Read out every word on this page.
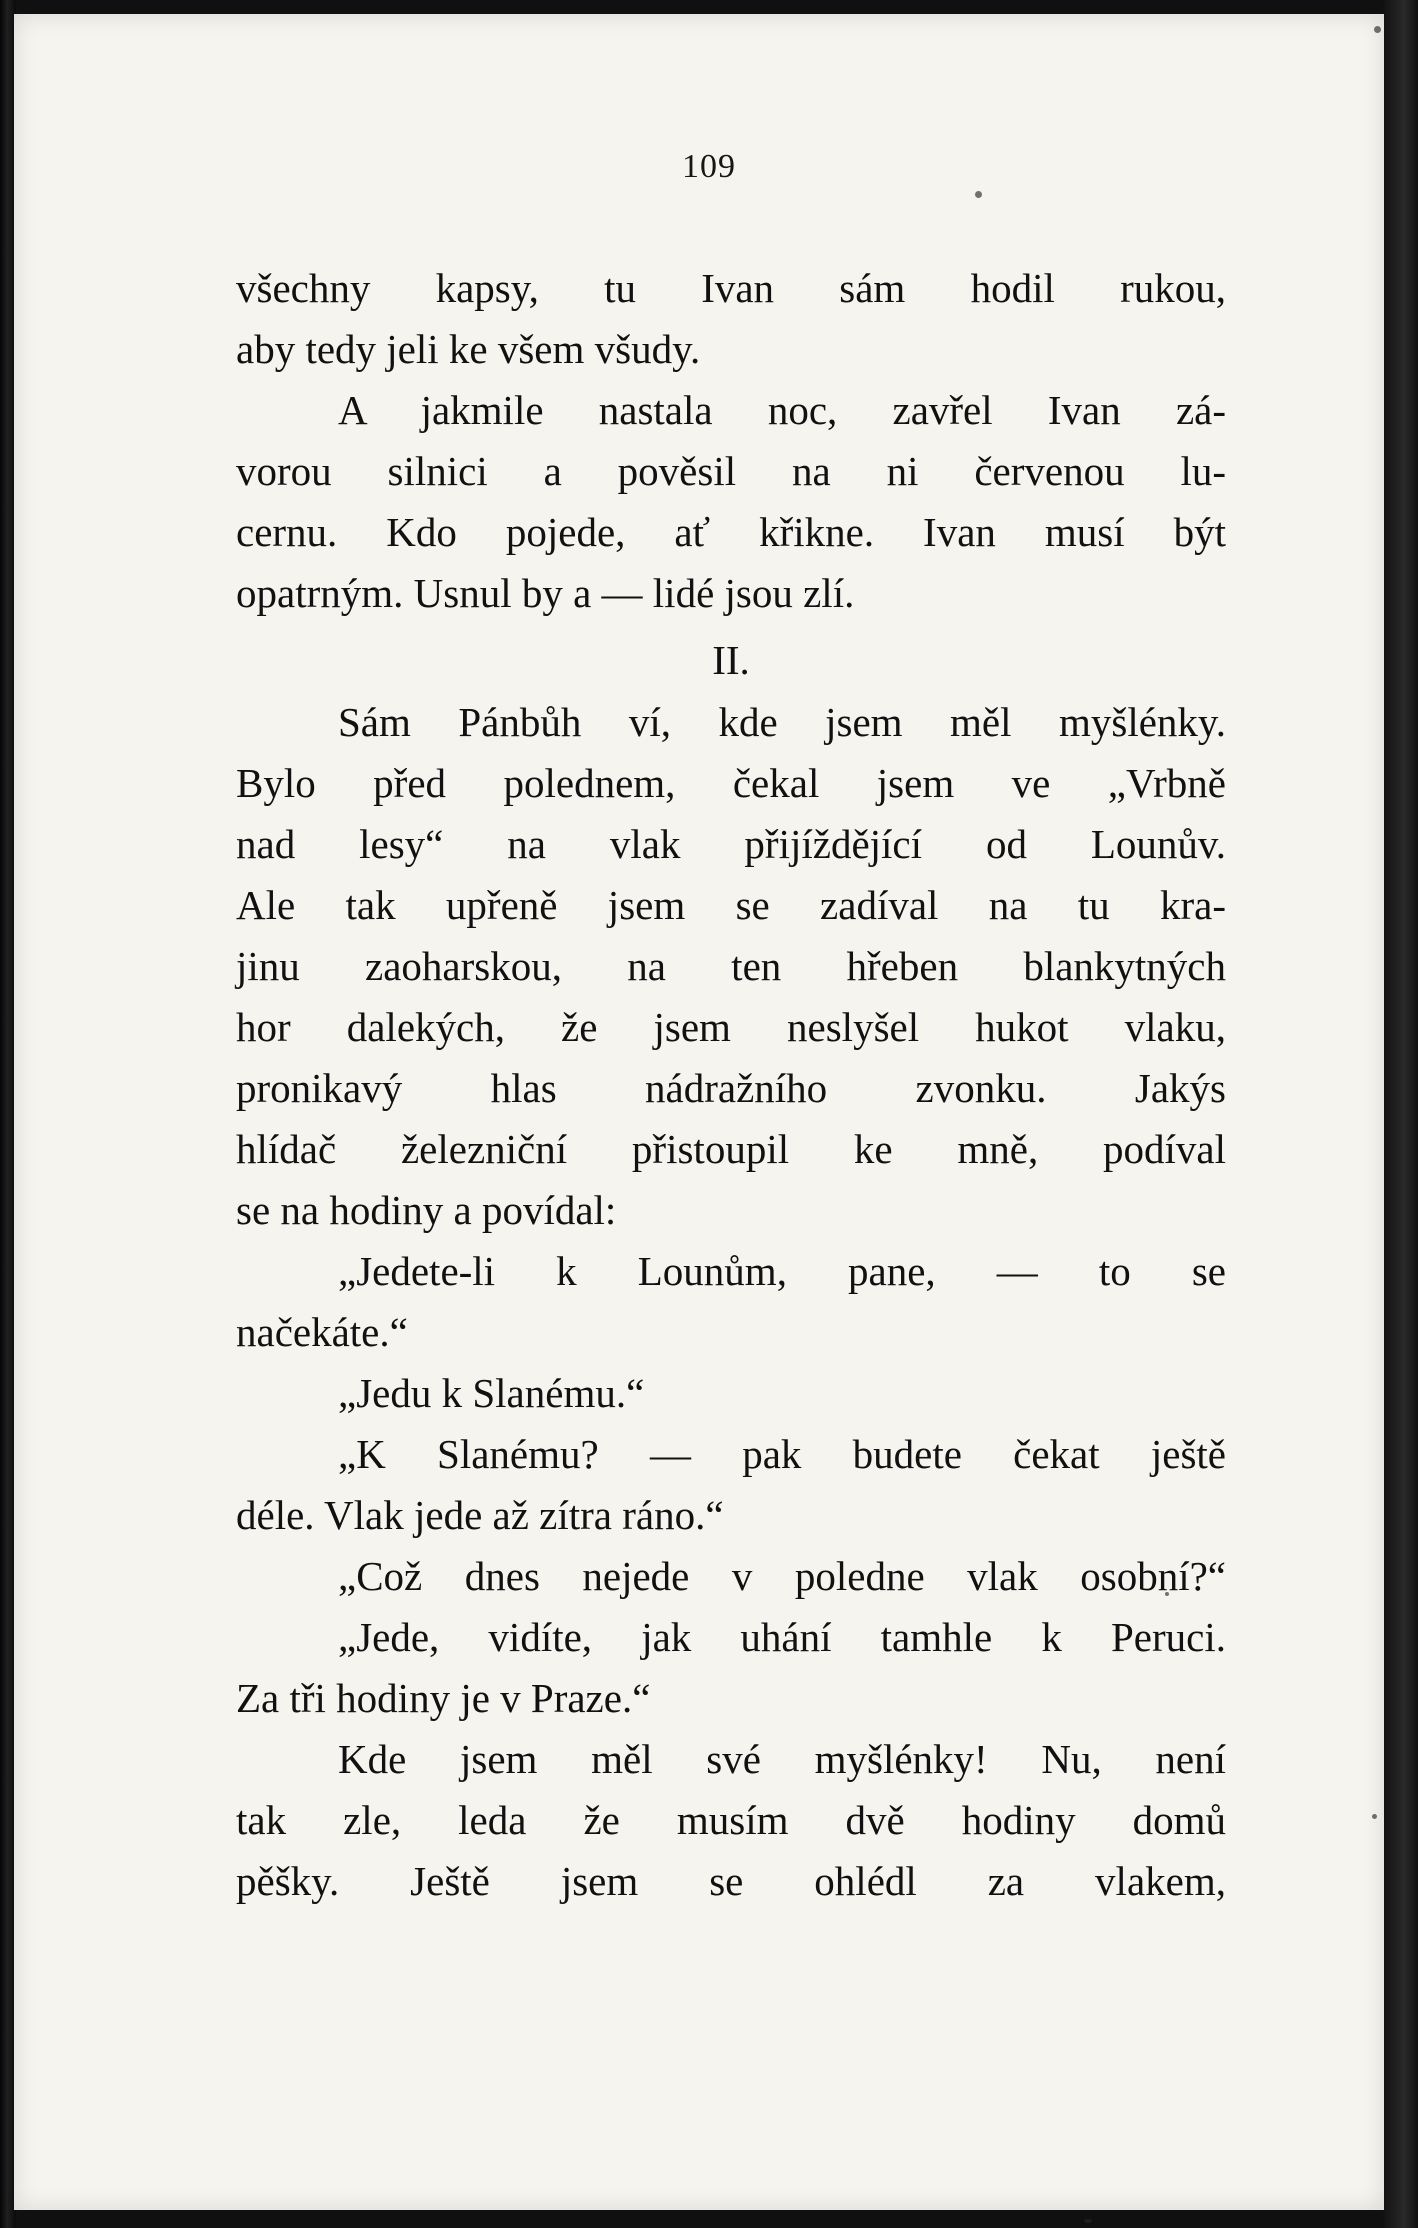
109
všechny kapsy, tu Ivan sám hodil rukou,
aby tedy jeli ke všem všudy.
A jakmile nastala noc, zavřel Ivan zá-
vorou silnici a pověsil na ni červenou lu-
cernu. Kdo pojede, ať křikne. Ivan musí být
opatrným. Usnul by a — lidé jsou zlí.
II.
Sám Pánbůh ví, kde jsem měl myšlénky.
Bylo před polednem, čekal jsem ve „Vrbně
nad lesy“ na vlak přijíždějící od Lounův.
Ale tak upřeně jsem se zadíval na tu kra-
jinu zaoharskou, na ten hřeben blankytných
hor dalekých, že jsem neslyšel hukot vlaku,
pronikavý hlas nádražního zvonku. Jakýs
hlídač železniční přistoupil ke mně, podíval
se na hodiny a povídal:
„Jedete-li k Lounům, pane, — to se
načekáte.“
„Jedu k Slanému.“
„K Slanému? — pak budete čekat ještě
déle. Vlak jede až zítra ráno.“
„Což dnes nejede v poledne vlak osobní?“
„Jede, vidíte, jak uhání tamhle k Peruci.
Za tři hodiny je v Praze.“
Kde jsem měl své myšlénky! Nu, není
tak zle, leda že musím dvě hodiny domů
pěšky. Ještě jsem se ohlédl za vlakem,
